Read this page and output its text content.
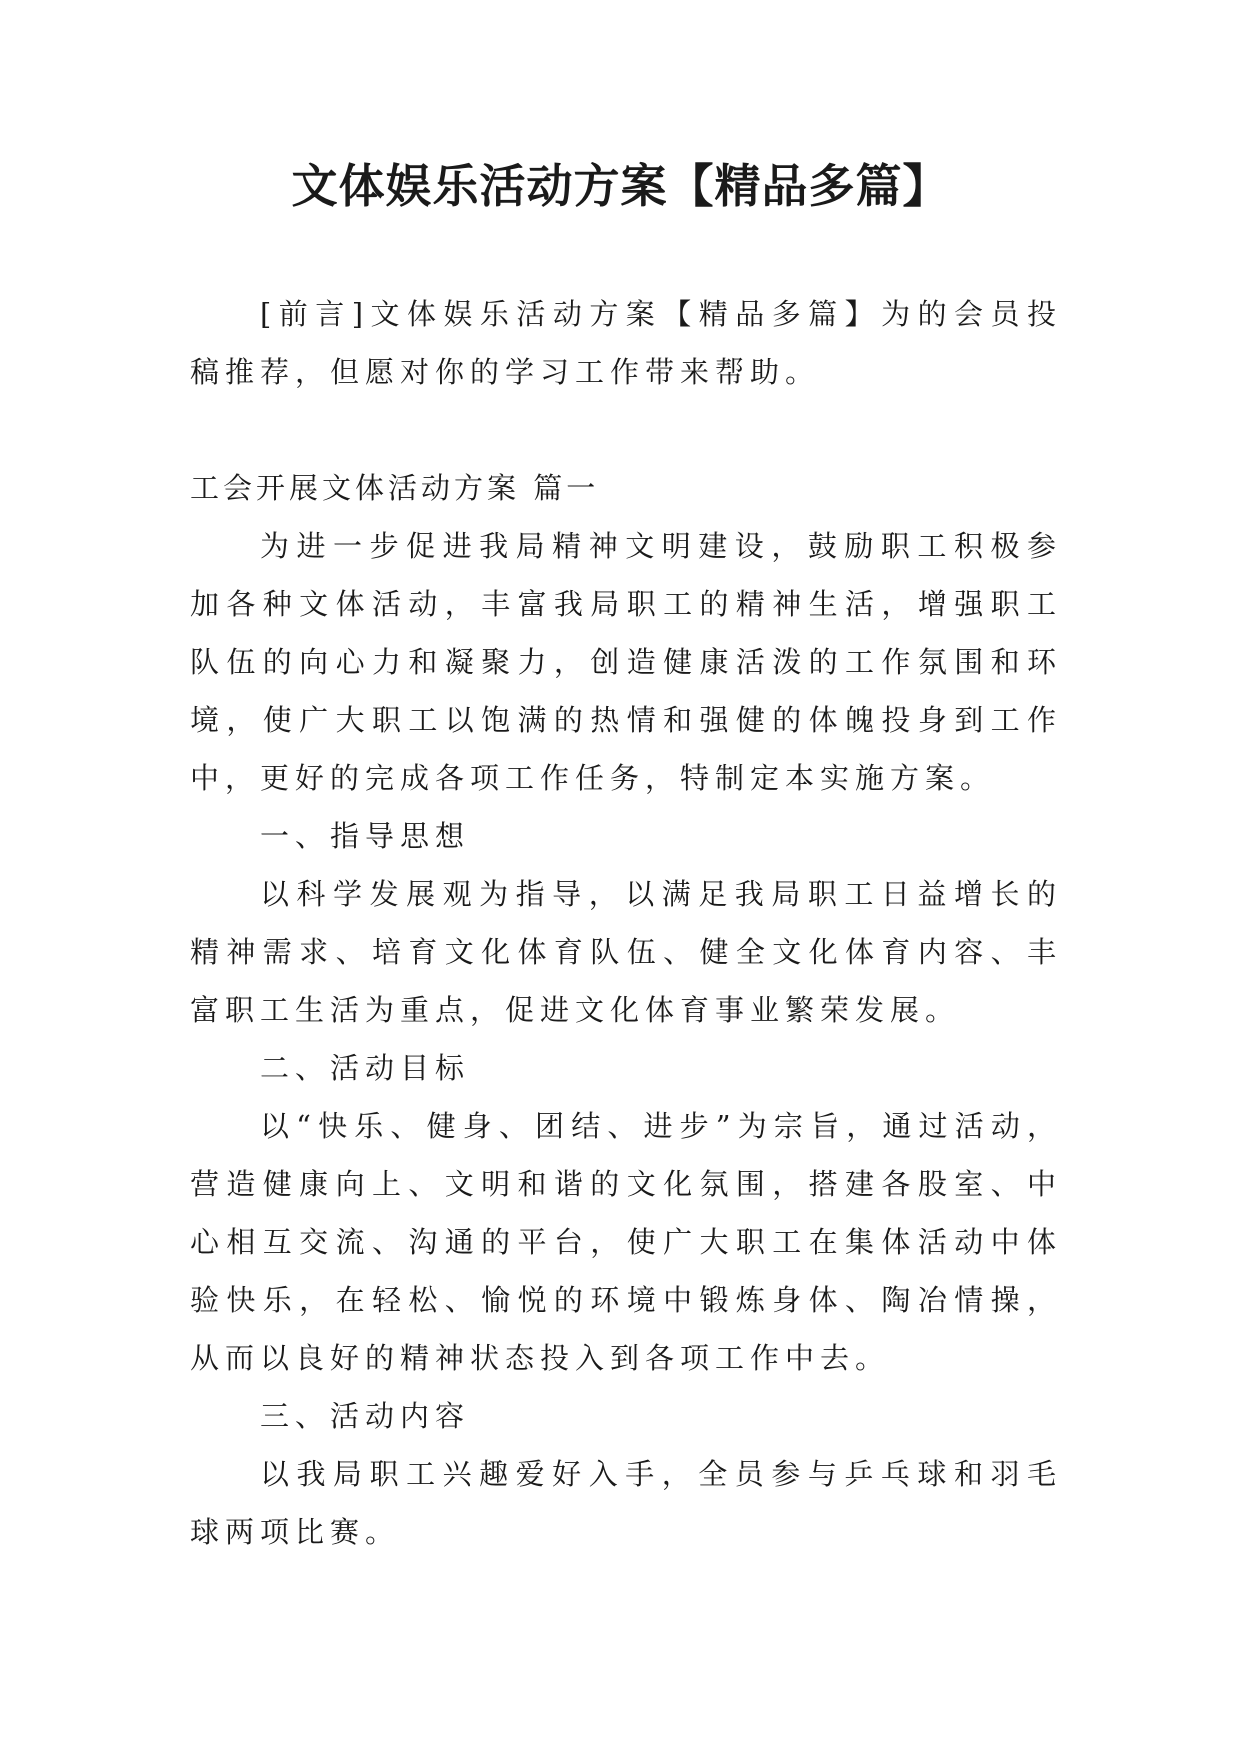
文体娱乐活动方案【精品多篇】

[前言]文体娱乐活动方案【精品多篇】为的会员投稿推荐，但愿对你的学习工作带来帮助。

工会开展文体活动方案 篇一

为进一步促进我局精神文明建设，鼓励职工积极参加各种文体活动，丰富我局职工的精神生活，增强职工队伍的向心力和凝聚力，创造健康活泼的工作氛围和环境，使广大职工以饱满的热情和强健的体魄投身到工作中，更好的完成各项工作任务，特制定本实施方案。

一、指导思想

以科学发展观为指导，以满足我局职工日益增长的精神需求、培育文化体育队伍、健全文化体育内容、丰富职工生活为重点，促进文化体育事业繁荣发展。

二、活动目标

以“快乐、健身、团结、进步”为宗旨，通过活动，营造健康向上、文明和谐的文化氛围，搭建各股室、中心相互交流、沟通的平台，使广大职工在集体活动中体验快乐，在轻松、愉悦的环境中锻炼身体、陶冶情操，从而以良好的精神状态投入到各项工作中去。

三、活动内容

以我局职工兴趣爱好入手，全员参与乒乓球和羽毛球两项比赛。
